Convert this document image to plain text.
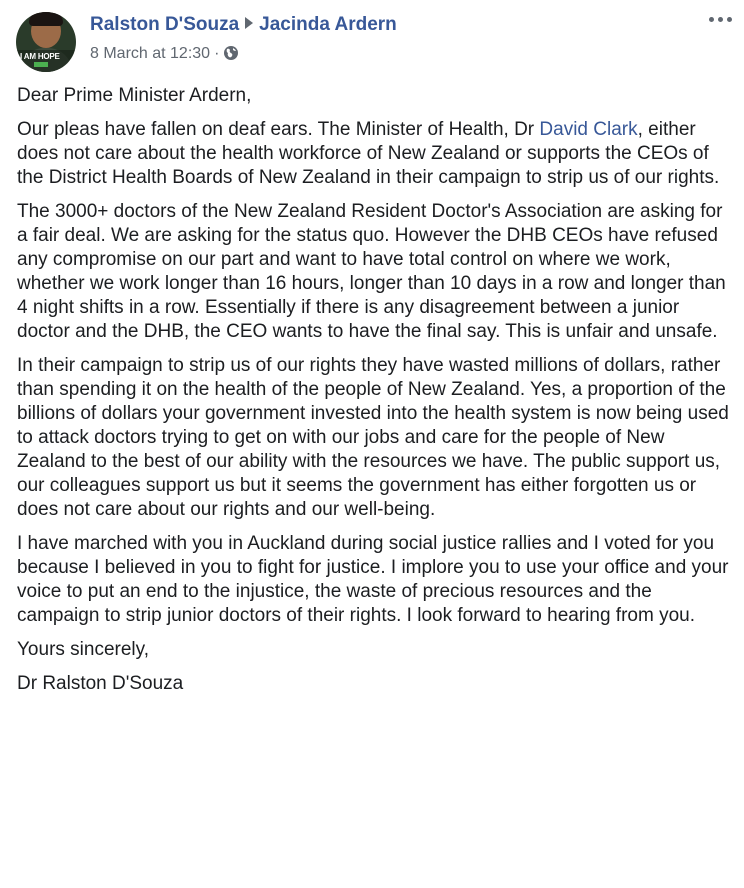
I AM HOPE
Ralston D'Souza Jacinda Ardern
8 March at 12:30 ·

Dear Prime Minister Ardern,

Our pleas have fallen on deaf ears. The Minister of Health, Dr David Clark, either does not care about the health workforce of New Zealand or supports the CEOs of the District Health Boards of New Zealand in their campaign to strip us of our rights.

The 3000+ doctors of the New Zealand Resident Doctor's Association are asking for a fair deal. We are asking for the status quo. However the DHB CEOs have refused any compromise on our part and want to have total control on where we work, whether we work longer than 16 hours, longer than 10 days in a row and longer than 4 night shifts in a row. Essentially if there is any disagreement between a junior doctor and the DHB, the CEO wants to have the final say. This is unfair and unsafe.

In their campaign to strip us of our rights they have wasted millions of dollars, rather than spending it on the health of the people of New Zealand. Yes, a proportion of the billions of dollars your government invested into the health system is now being used to attack doctors trying to get on with our jobs and care for the people of New Zealand to the best of our ability with the resources we have. The public support us, our colleagues support us but it seems the government has either forgotten us or does not care about our rights and our well-being.

I have marched with you in Auckland during social justice rallies and I voted for you because I believed in you to fight for justice. I implore you to use your office and your voice to put an end to the injustice, the waste of precious resources and the campaign to strip junior doctors of their rights. I look forward to hearing from you.

Yours sincerely,

Dr Ralston D'Souza
